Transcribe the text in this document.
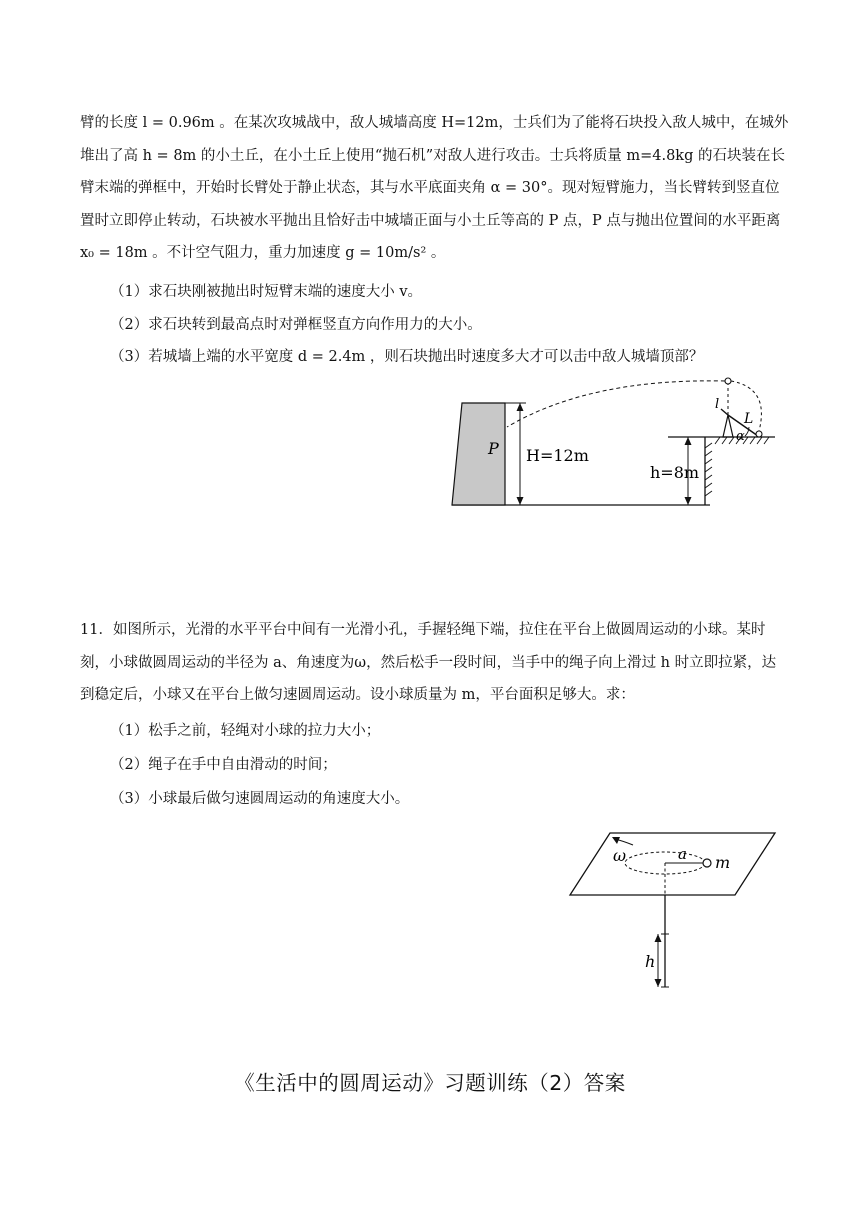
臂的长度 l = 0.96m 。在某次攻城战中，敌人城墙高度 H=12m，士兵们为了能将石块投入敌人城中，在城外堆出了高 h = 8m 的小土丘，在小土丘上使用“抛石机”对敌人进行攻击。士兵将质量 m=4.8kg 的石块装在长臂末端的弹框中，开始时长臂处于静止状态，其与水平底面夹角 α = 30°。现对短臂施力，当长臂转到竖直位置时立即停止转动，石块被水平抛出且恰好击中城墙正面与小土丘等高的 P 点，P 点与抛出位置间的水平距离 x₀ = 18m 。不计空气阻力，重力加速度 g = 10m/s² 。

（1）求石块刚被抛出时短臂末端的速度大小 v。

（2）求石块转到最高点时对弹框竖直方向作用力的大小。

（3）若城墙上端的水平宽度 d = 2.4m ，则石块抛出时速度多大才可以击中敌人城墙顶部？

P H=12m
h=8m
l
L
α

11．如图所示，光滑的水平平台中间有一光滑小孔，手握轻绳下端，拉住在平台上做圆周运动的小球。某时刻，小球做圆周运动的半径为 a、角速度为ω，然后松手一段时间，当手中的绳子向上滑过 h 时立即拉紧，达到稳定后，小球又在平台上做匀速圆周运动。设小球质量为 m，平台面积足够大。求：

（1）松手之前，轻绳对小球的拉力大小；

（2）绳子在手中自由滑动的时间；

（3）小球最后做匀速圆周运动的角速度大小。

ω	a m
h
《生活中的圆周运动》习题训练（2）答案
